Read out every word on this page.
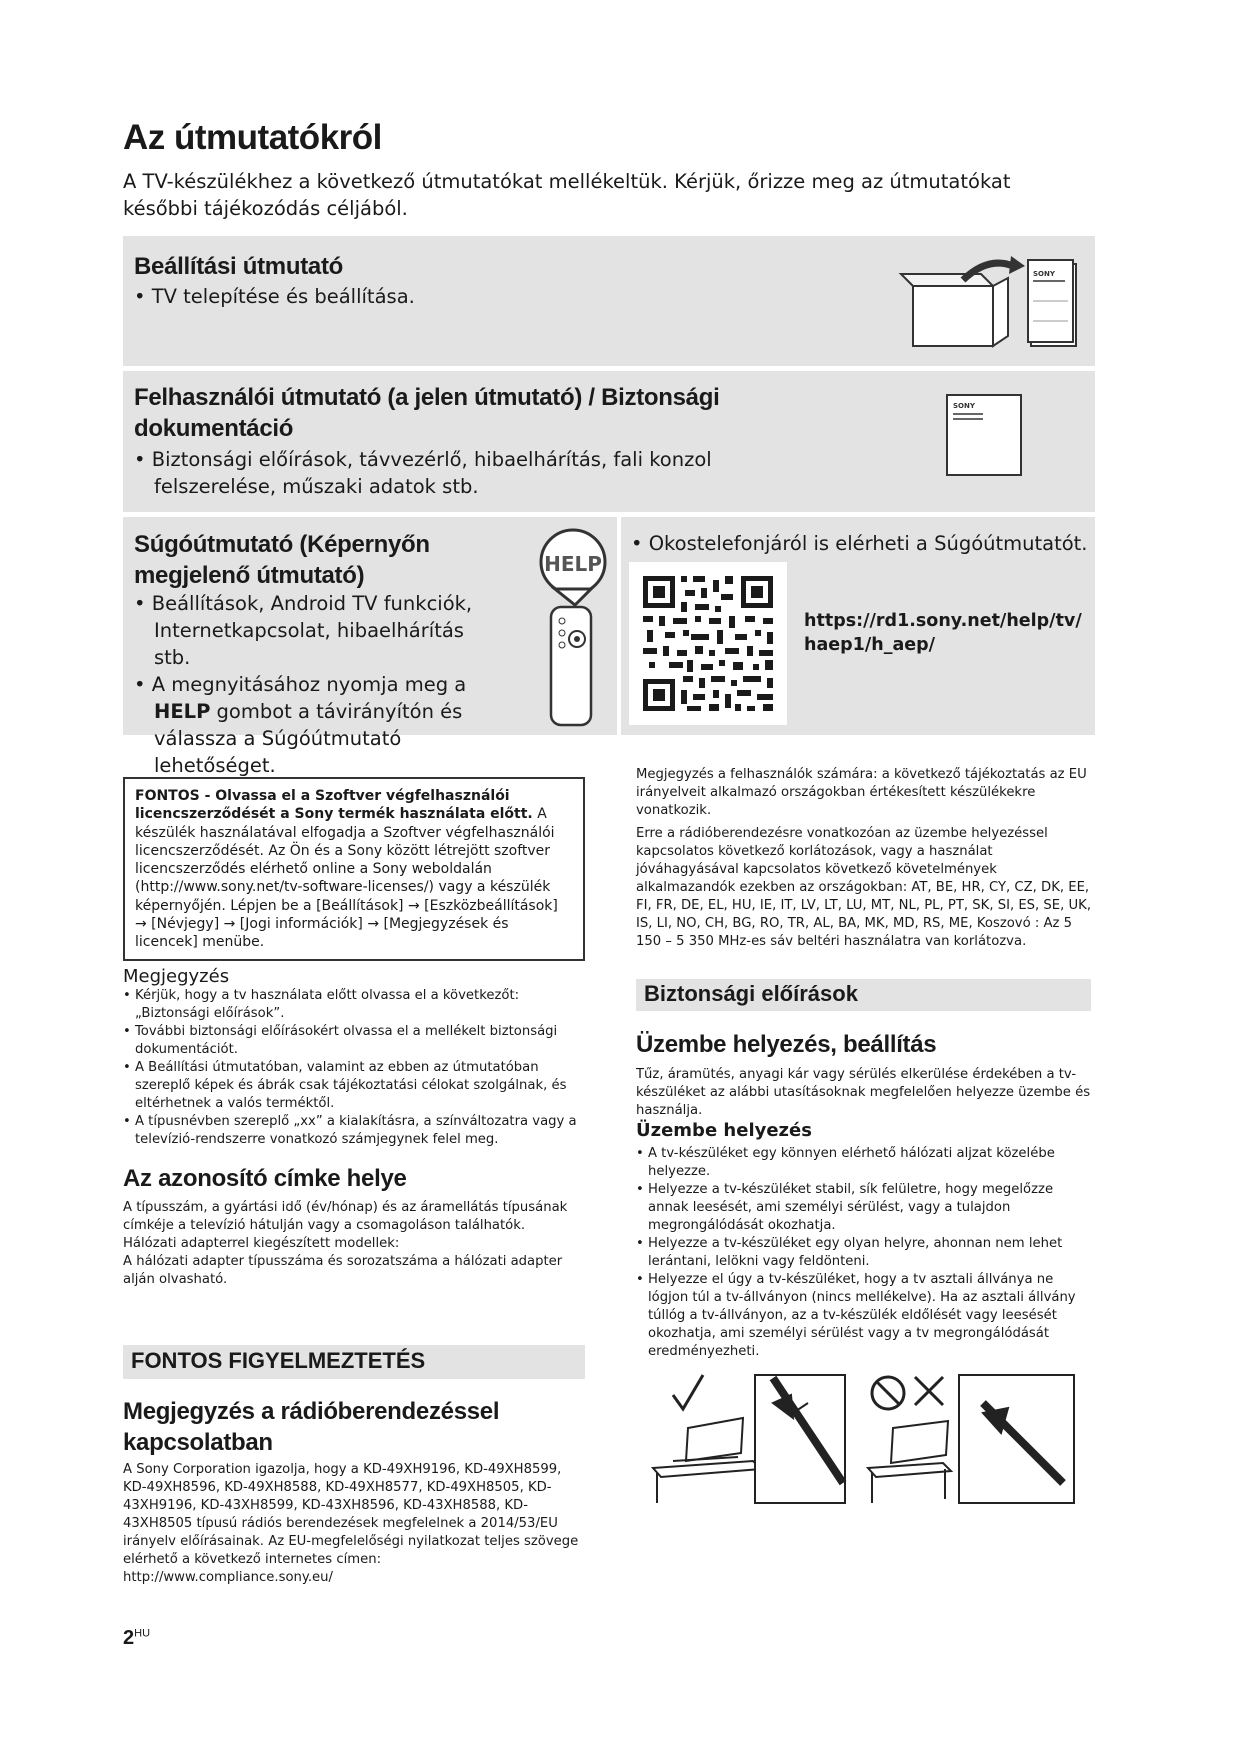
Az útmutatókról
A TV-készülékhez a következő útmutatókat mellékeltük. Kérjük, őrizze meg az útmutatókat későbbi tájékozódás céljából.
Beállítási útmutató
• TV telepítése és beállítása.
SONY
Felhasználói útmutató (a jelen útmutató) / Biztonsági
dokumentáció
• Biztonsági előírások, távvezérlő, hibaelhárítás, fali konzol felszerelése, műszaki adatok stb.
SONY
Súgóútmutató (Képernyőn megjelenő útmutató)
• Beállítások, Android TV funkciók, Internetkapcsolat, hibaelhárítás stb.
• A megnyitásához nyomja meg a HELP gombot a távirányítón és válassza a Súgóútmutató lehetőséget.
HELP
• Okostelefonjáról is elérheti a Súgóútmutatót.
https://rd1.sony.net/help/tv/
haep1/h_aep/
FONTOS - Olvassa el a Szoftver végfelhasználói licencszerződését a Sony termék használata előtt. A készülék használatával elfogadja a Szoftver végfelhasználói licencszerződését. Az Ön és a Sony között létrejött szoftver licencszerződés elérhető online a Sony weboldalán (http://www.sony.net/tv-software-licenses/) vagy a készülék képernyőjén. Lépjen be a [Beállítások] → [Eszközbeállítások] → [Névjegy] → [Jogi információk] → [Megjegyzések és licencek] menübe.
Megjegyzés
• Kérjük, hogy a tv használata előtt olvassa el a következőt: „Biztonsági előírások”.
• További biztonsági előírásokért olvassa el a mellékelt biztonsági dokumentációt.
• A Beállítási útmutatóban, valamint az ebben az útmutatóban szereplő képek és ábrák csak tájékoztatási célokat szolgálnak, és eltérhetnek a valós terméktől.
• A típusnévben szereplő „xx” a kialakításra, a színváltozatra vagy a televízió-rendszerre vonatkozó számjegynek felel meg.
Az azonosító címke helye
A típusszám, a gyártási idő (év/hónap) és az áramellátás típusának címkéje a televízió hátulján vagy a csomagoláson találhatók.
Hálózati adapterrel kiegészített modellek:
A hálózati adapter típusszáma és sorozatszáma a hálózati adapter alján olvasható.
FONTOS FIGYELMEZTETÉS
Megjegyzés a rádióberendezéssel
kapcsolatban
A Sony Corporation igazolja, hogy a KD-49XH9196, KD-49XH8599, KD-49XH8596, KD-49XH8588, KD-49XH8577, KD-49XH8505, KD-43XH9196, KD-43XH8599, KD-43XH8596, KD-43XH8588, KD-43XH8505 típusú rádiós berendezések megfelelnek a 2014/53/EU irányelv előírásainak. Az EU-megfelelőségi nyilatkozat teljes szövege elérhető a következő internetes címen: http://www.compliance.sony.eu/
$2^{HU}$
Megjegyzés a felhasználók számára: a következő tájékoztatás az EU irányelveit alkalmazó országokban értékesített készülékekre vonatkozik.
Erre a rádióberendezésre vonatkozóan az üzembe helyezéssel kapcsolatos következő korlátozások, vagy a használat jóváhagyásával kapcsolatos következő követelmények alkalmazandók ezekben az országokban: AT, BE, HR, CY, CZ, DK, EE, FI, FR, DE, EL, HU, IE, IT, LV, LT, LU, MT, NL, PL, PT, SK, SI, ES, SE, UK, IS, LI, NO, CH, BG, RO, TR, AL, BA, MK, MD, RS, ME, Koszovó : Az 5 150 – 5 350 MHz-es sáv beltéri használatra van korlátozva.
Biztonsági előírások
Üzembe helyezés, beállítás
Tűz, áramütés, anyagi kár vagy sérülés elkerülése érdekében a tv-készüléket az alábbi utasításoknak megfelelően helyezze üzembe és használja.
Üzembe helyezés
• A tv-készüléket egy könnyen elérhető hálózati aljzat közelébe helyezze.
• Helyezze a tv-készüléket stabil, sík felületre, hogy megelőzze annak leesését, ami személyi sérülést, vagy a tulajdon megrongálódását okozhatja.
• Helyezze a tv-készüléket egy olyan helyre, ahonnan nem lehet lerántani, lelökni vagy feldönteni.
• Helyezze el úgy a tv-készüléket, hogy a tv asztali állványa ne lógjon túl a tv-állványon (nincs mellékelve). Ha az asztali állvány túllóg a tv-állványon, az a tv-készülék eldőlését vagy leesését okozhatja, ami személyi sérülést vagy a tv megrongálódását eredményezheti.
